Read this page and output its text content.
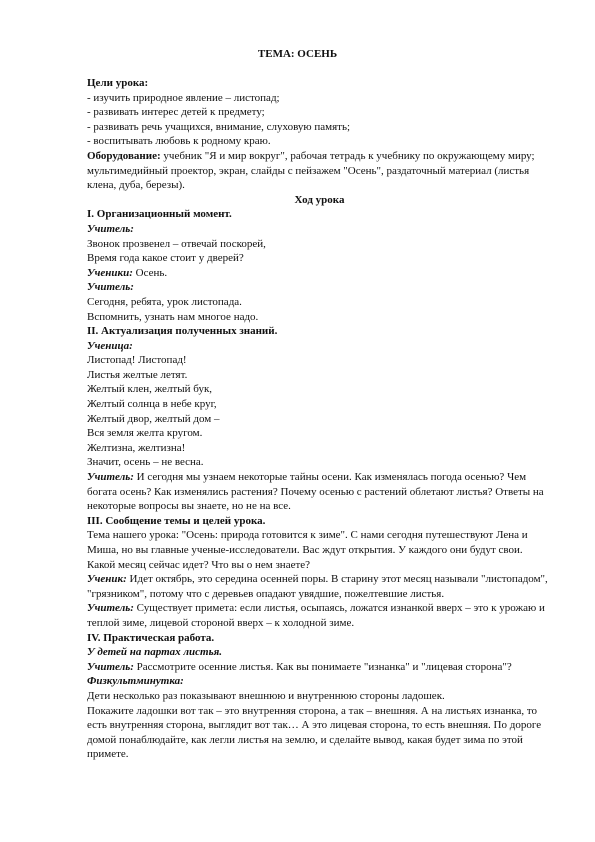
ТЕМА: ОСЕНЬ

Цели урока:

- изучить природное явление – листопад;

- развивать интерес детей к предмету;

- развивать речь учащихся, внимание, слуховую память;

- воспитывать любовь к родному краю.

Оборудование: учебник "Я и мир вокруг", рабочая тетрадь к учебнику по окружающему миру; мультимедийный проектор, экран, слайды с пейзажем "Осень", раздаточный материал (листья клена, дуба, березы).

Ход урока

I. Организационный момент.

Учитель:

Звонок прозвенел – отвечай поскорей,

Время года какое стоит у дверей?

Ученики: Осень.

Учитель:

Сегодня, ребята, урок листопада.

Вспомнить, узнать нам многое надо.

II. Актуализация полученных знаний.

Ученица:

Листопад! Листопад!

Листья желтые летят.

Желтый клен, желтый бук,

Желтый солнца в небе круг,

Желтый двор, желтый дом –

Вся земля желта кругом.

Желтизна, желтизна!

Значит, осень – не весна.

Учитель: И сегодня мы узнаем некоторые тайны осени. Как изменялась погода осенью? Чем богата осень? Как изменялись растения? Почему осенью с растений облетают листья? Ответы на некоторые вопросы вы знаете, но не на все.

III. Сообщение темы и целей урока.

Тема нашего урока: "Осень: природа готовится к зиме". С нами сегодня путешествуют Лена и Миша, но вы главные ученые-исследователи. Вас ждут открытия. У каждого они будут свои.

Какой месяц сейчас идет? Что вы о нем знаете?

Ученик: Идет октябрь, это середина осенней поры. В старину этот месяц называли "листопадом", "грязником", потому что с деревьев опадают увядшие, пожелтевшие листья.

Учитель: Существует примета: если листья, осыпаясь, ложатся изнанкой вверх – это к урожаю и теплой зиме, лицевой стороной вверх – к холодной зиме.

IV. Практическая работа.

У детей на партах листья.

Учитель: Рассмотрите осенние листья. Как вы понимаете "изнанка" и "лицевая сторона"?

Физкультминутка:

Дети несколько раз показывают внешнюю и внутреннюю стороны ладошек.

Покажите ладошки вот так – это внутренняя сторона, а так – внешняя. А на листьях изнанка, то есть внутренняя сторона, выглядит вот так… А это лицевая сторона, то есть внешняя. По дороге домой понаблюдайте, как легли листья на землю, и сделайте вывод, какая будет зима по этой примете.
